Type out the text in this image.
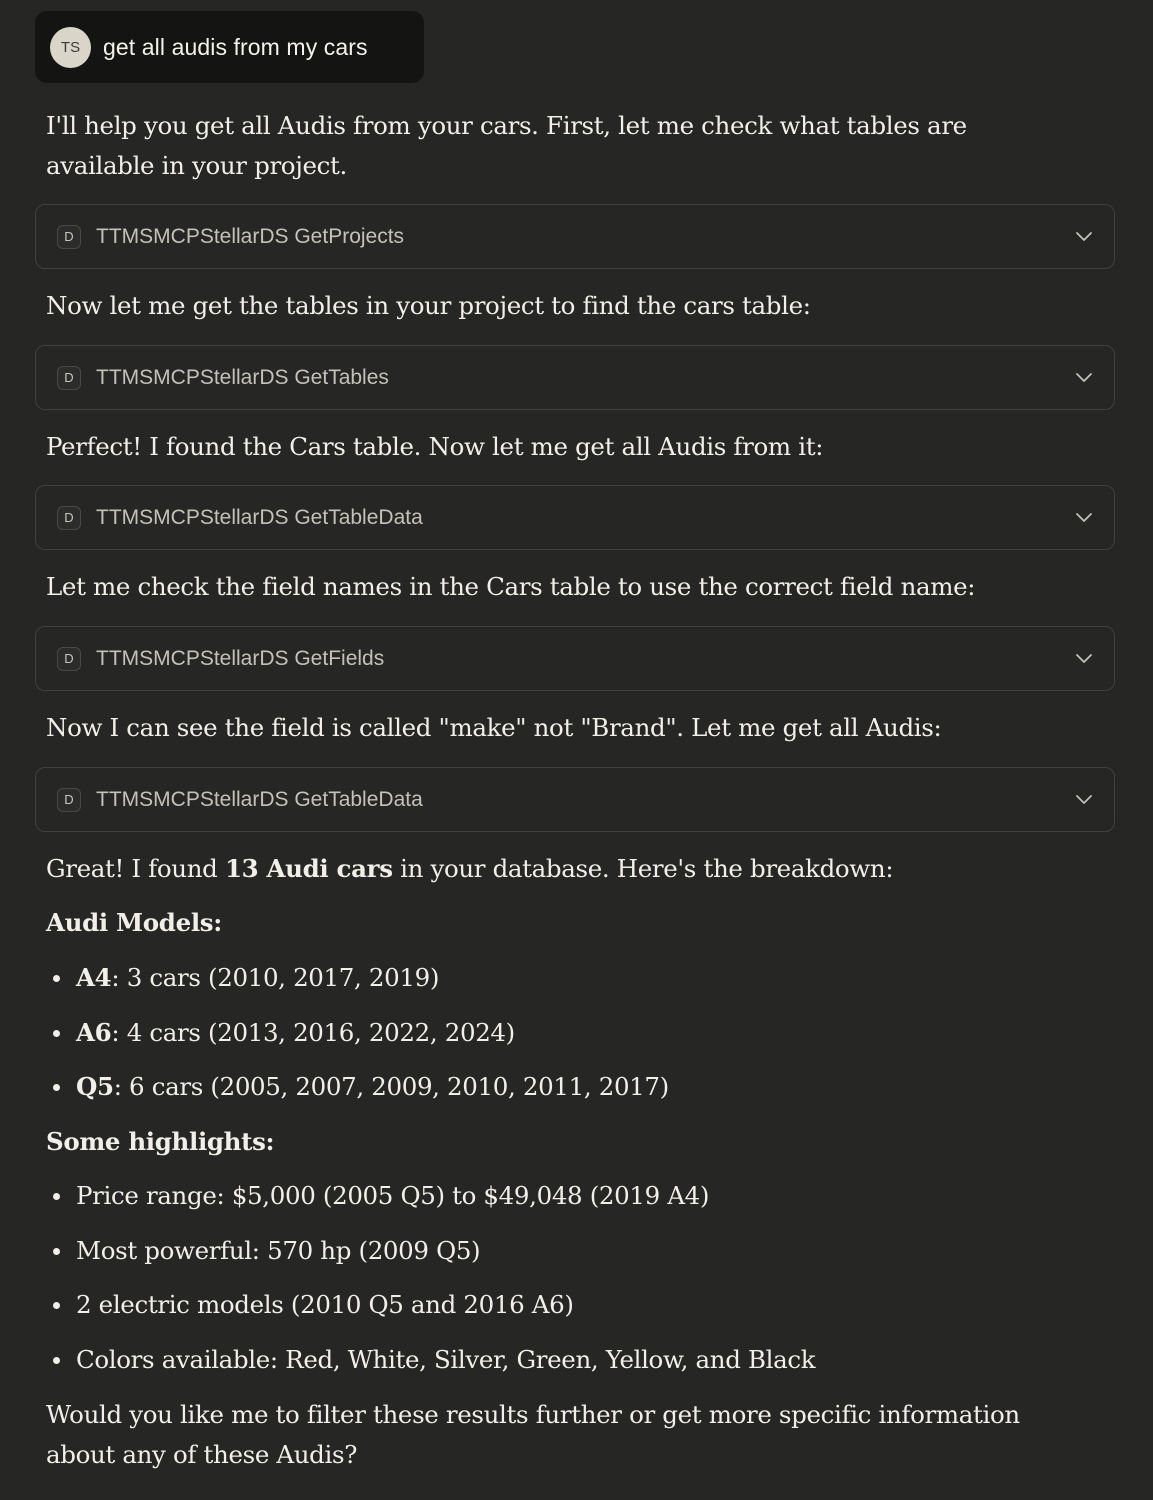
TS get all audis from my cars

I'll help you get all Audis from your cars. First, let me check what tables are available in your project.

D	TTMSMCPStellarDS GetProjects

Now let me get the tables in your project to find the cars table:

D	TTMSMCPStellarDS GetTables

Perfect! I found the Cars table. Now let me get all Audis from it:

D	TTMSMCPStellarDS GetTableData

Let me check the field names in the Cars table to use the correct field name:

D	TTMSMCPStellarDS GetFields

Now I can see the field is called "make" not "Brand". Let me get all Audis:

D	TTMSMCPStellarDS GetTableData

Great! I found 13 Audi cars in your database. Here's the breakdown:

Audi Models:

A4: 3 cars (2010, 2017, 2019)
A6: 4 cars (2013, 2016, 2022, 2024)
Q5: 6 cars (2005, 2007, 2009, 2010, 2011, 2017)

Some highlights:

Price range: $5,000 (2005 Q5) to $49,048 (2019 A4)
Most powerful: 570 hp (2009 Q5)
2 electric models (2010 Q5 and 2016 A6)
Colors available: Red, White, Silver, Green, Yellow, and Black

Would you like me to filter these results further or get more specific information about any of these Audis?
